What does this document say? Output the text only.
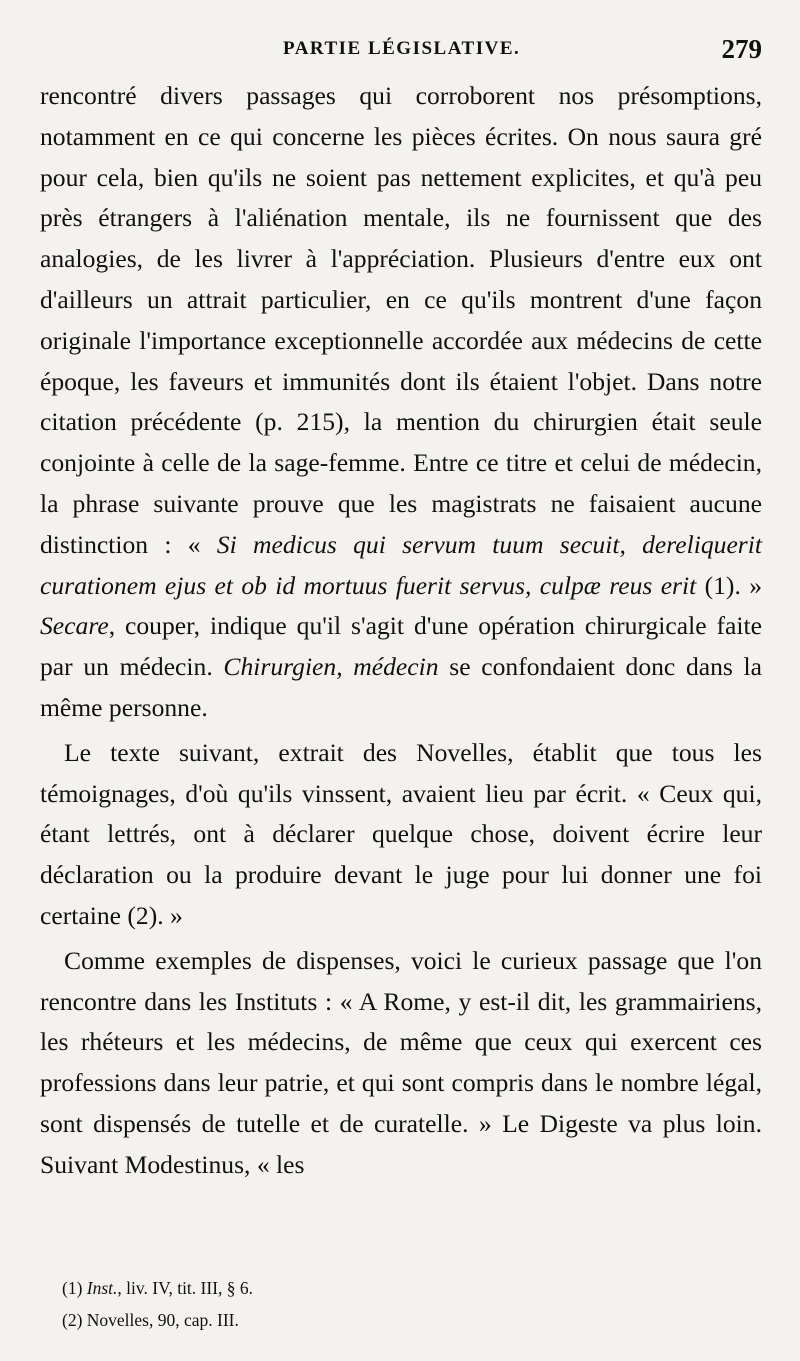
PARTIE LÉGISLATIVE.	279

rencontré divers passages qui corroborent nos présomptions, notamment en ce qui concerne les pièces écrites. On nous saura gré pour cela, bien qu'ils ne soient pas nettement explicites, et qu'à peu près étrangers à l'aliénation mentale, ils ne fournissent que des analogies, de les livrer à l'appréciation. Plusieurs d'entre eux ont d'ailleurs un attrait particulier, en ce qu'ils montrent d'une façon originale l'importance exceptionnelle accordée aux médecins de cette époque, les faveurs et immunités dont ils étaient l'objet. Dans notre citation précédente (p. 215), la mention du chirurgien était seule conjointe à celle de la sage-femme. Entre ce titre et celui de médecin, la phrase suivante prouve que les magistrats ne faisaient aucune distinction : « Si medicus qui servum tuum secuit, dereliquerit curationem ejus et ob id mortuus fuerit servus, culpæ reus erit (1). » Secare, couper, indique qu'il s'agit d'une opération chirurgicale faite par un médecin. Chirurgien, médecin se confondaient donc dans la même personne.

Le texte suivant, extrait des Novelles, établit que tous les témoignages, d'où qu'ils vinssent, avaient lieu par écrit. « Ceux qui, étant lettrés, ont à déclarer quelque chose, doivent écrire leur déclaration ou la produire devant le juge pour lui donner une foi certaine (2). »

Comme exemples de dispenses, voici le curieux passage que l'on rencontre dans les Instituts : « A Rome, y est-il dit, les grammairiens, les rhéteurs et les médecins, de même que ceux qui exercent ces professions dans leur patrie, et qui sont compris dans le nombre légal, sont dispensés de tutelle et de curatelle. » Le Digeste va plus loin. Suivant Modestinus, « les

(1) Inst., liv. IV, tit. III, § 6.
(2) Novelles, 90, cap. III.
